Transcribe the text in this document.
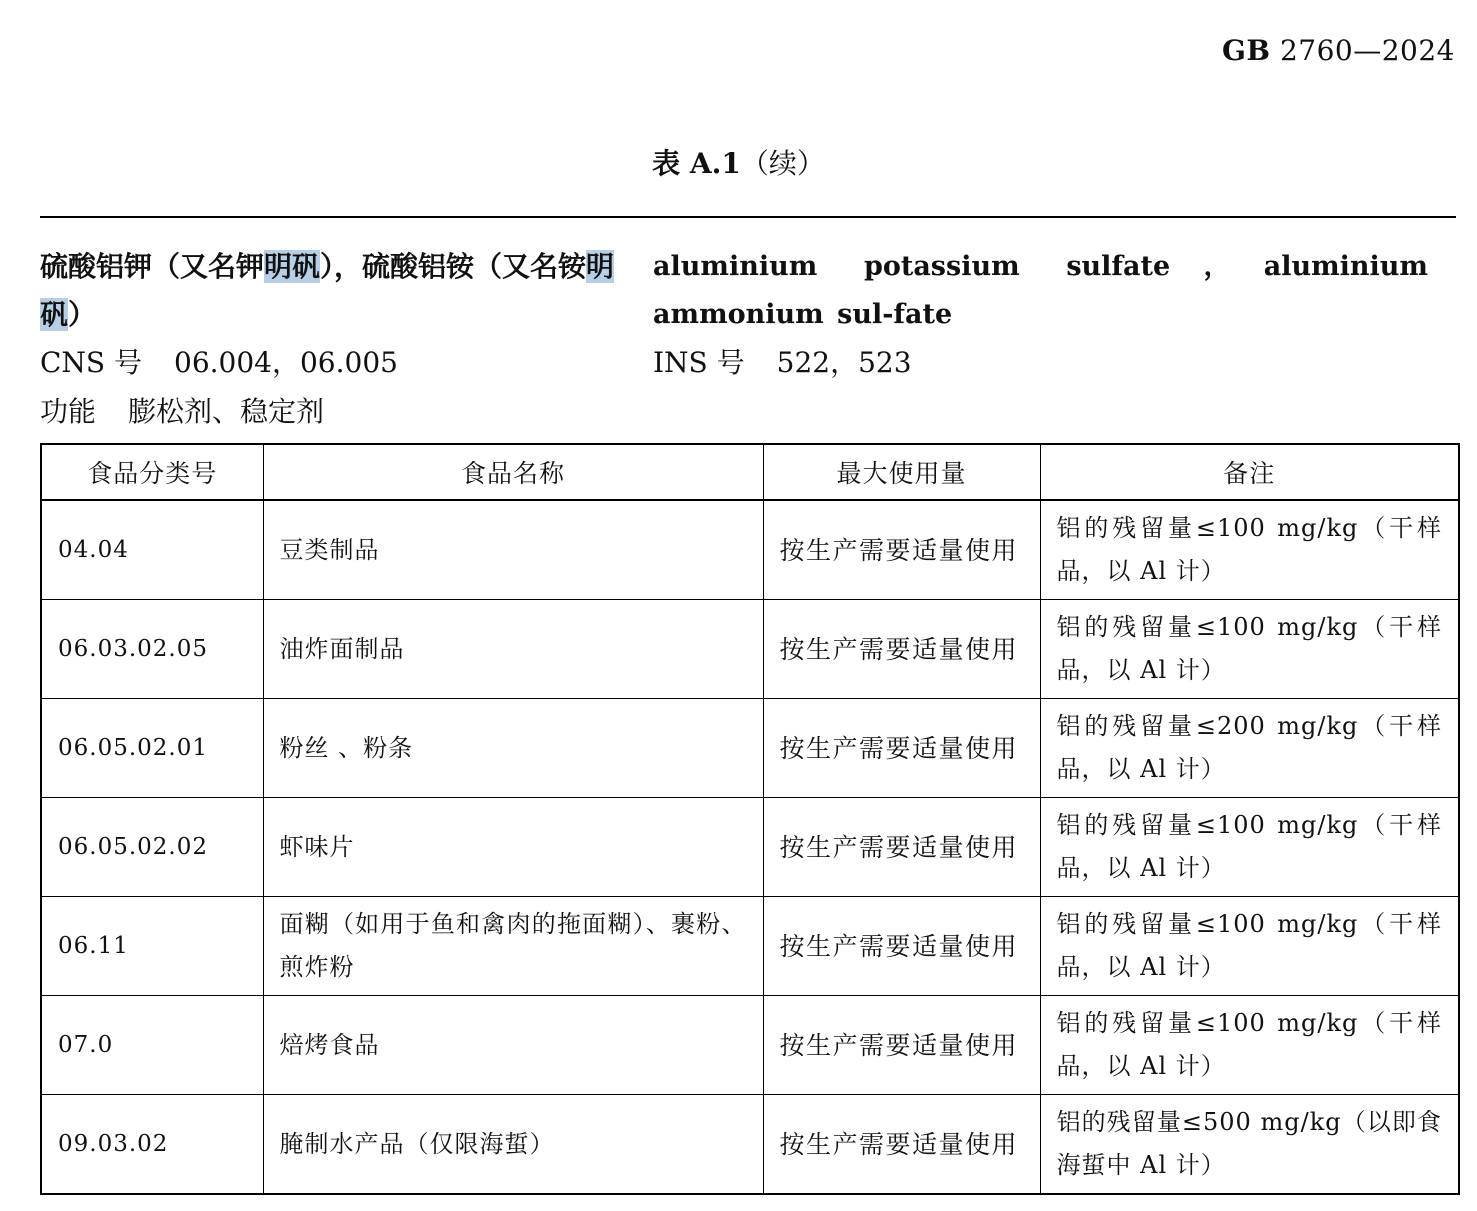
GB 2760—2024
表 A.1（续）
硫酸铝钾（又名钾明矾），硫酸铝铵（又名铵明矾）
aluminium potassium sulfate，aluminium ammonium sul-fate
CNS 号 06.004，06.005	INS 号 522，523
功能 膨松剂、稳定剂
食品分类号	食品名称	最大使用量	备注
04.04	豆类制品	按生产需要适量使用	铝的残留量≤100 mg/kg（干样品，以 Al 计）
06.03.02.05	油炸面制品	按生产需要适量使用	铝的残留量≤100 mg/kg（干样品，以 Al 计）
06.05.02.01	粉丝 、粉条	按生产需要适量使用	铝的残留量≤200 mg/kg（干样品，以 Al 计）
06.05.02.02	虾味片	按生产需要适量使用	铝的残留量≤100 mg/kg（干样品，以 Al 计）
06.11	面糊（如用于鱼和禽肉的拖面糊）、裹粉、煎炸粉	按生产需要适量使用	铝的残留量≤100 mg/kg（干样品，以 Al 计）
07.0	焙烤食品	按生产需要适量使用	铝的残留量≤100 mg/kg（干样品，以 Al 计）
09.03.02	腌制水产品（仅限海蜇）	按生产需要适量使用	铝的残留量≤500 mg/kg（以即食海蜇中 Al 计）
